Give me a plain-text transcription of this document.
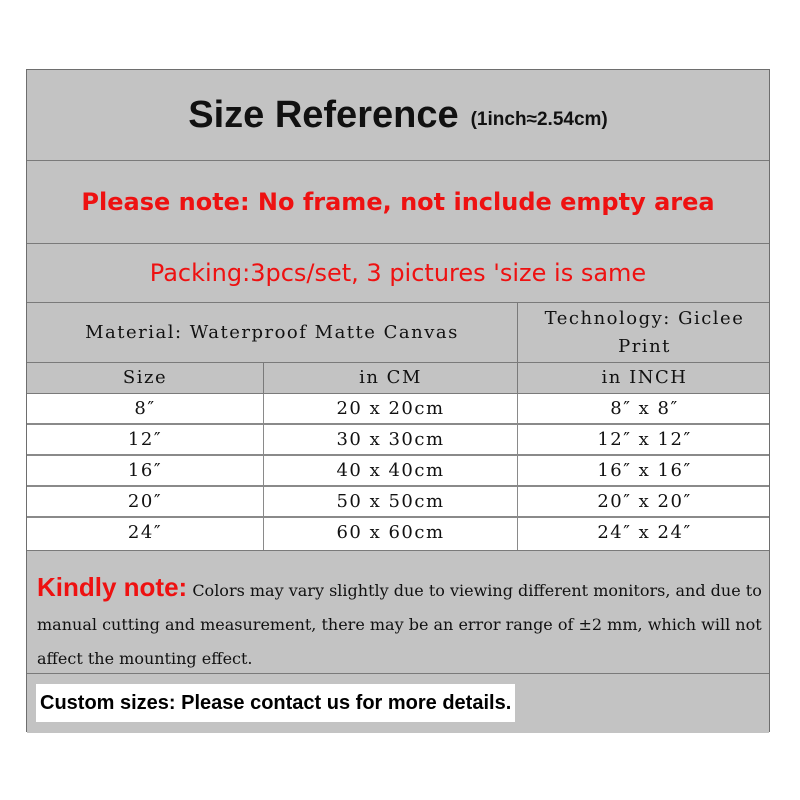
Size Reference (1inch≈2.54cm)
Please note: No frame, not include empty area
Packing:3pcs/set, 3 pictures 'size is same
Material: Waterproof Matte Canvas
Technology: Giclee Print
Size	in CM	in INCH
8″	20 x 20cm	8″ x 8″
12″	30 x 30cm	12″ x 12″
16″	40 x 40cm	16″ x 16″
20″	50 x 50cm	20″ x 20″
24″	60 x 60cm	24″ x 24″
Kindly note: Colors may vary slightly due to viewing different monitors, and due to manual cutting and measurement, there may be an error range of ±2 mm, which will not affect the mounting effect.
Custom sizes: Please contact us for more details.
